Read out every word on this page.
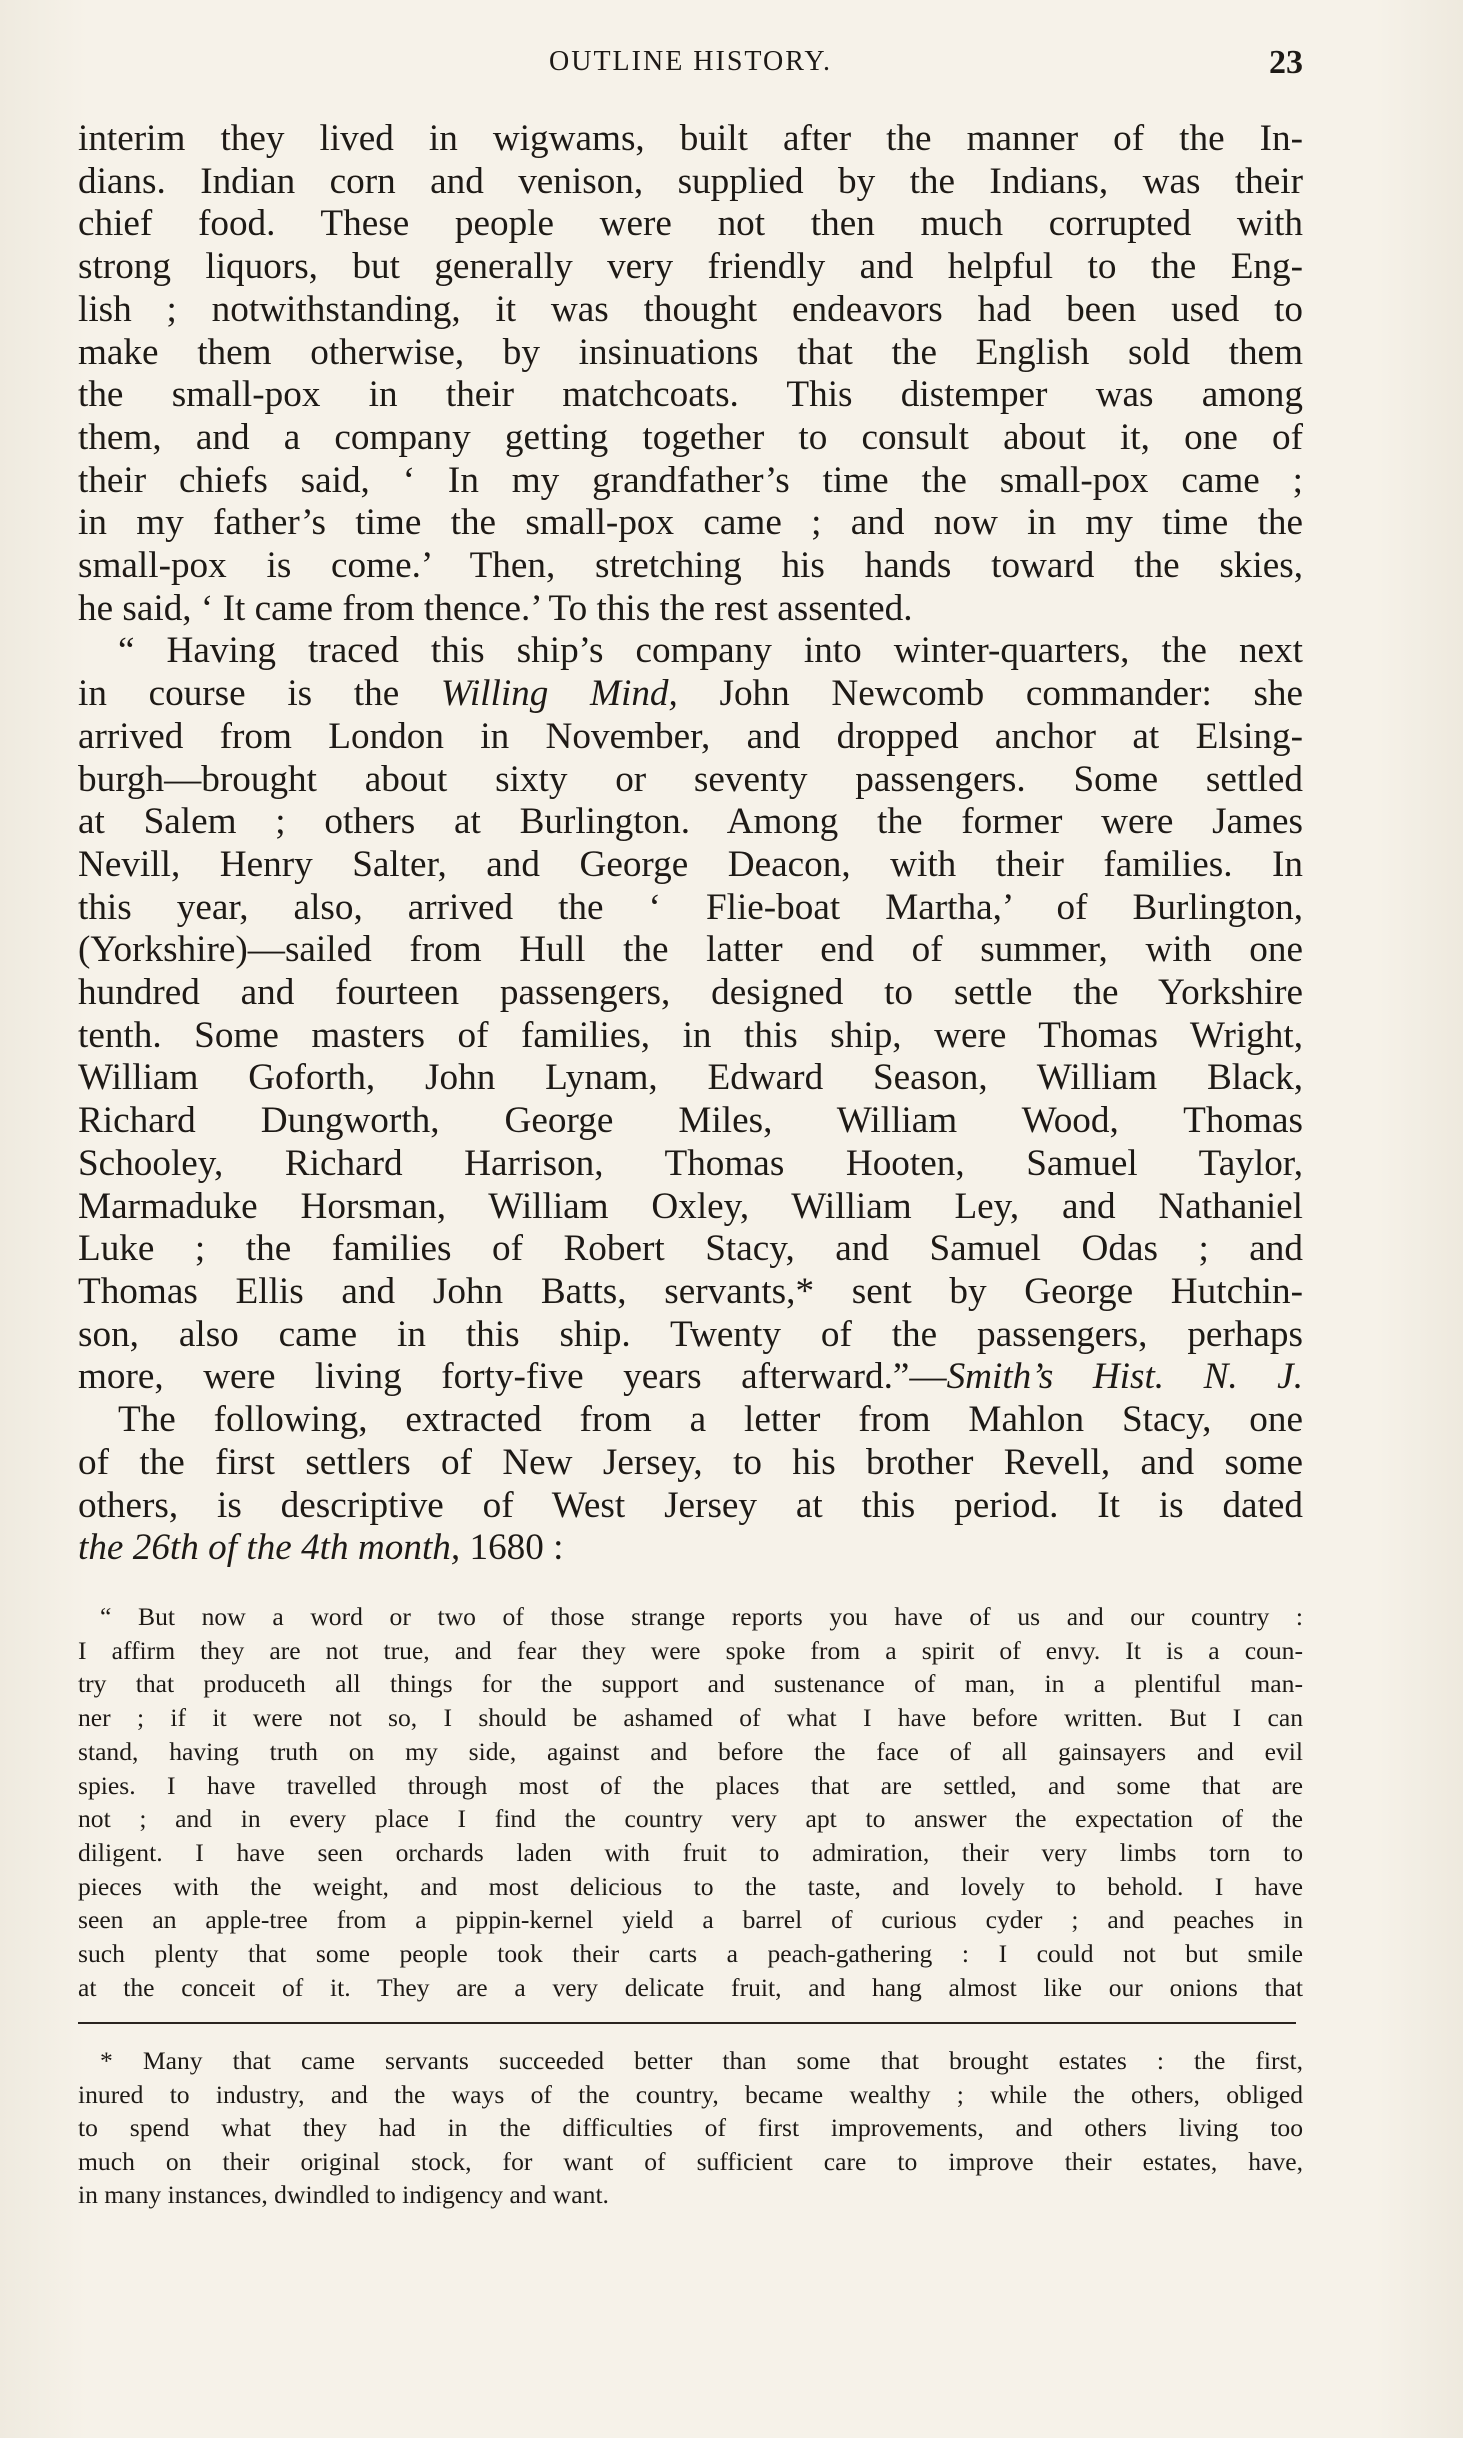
OUTLINE HISTORY.	23

interim they lived in wigwams, built after the manner of the In-

dians. Indian corn and venison, supplied by the Indians, was their

chief food. These people were not then much corrupted with

strong liquors, but generally very friendly and helpful to the Eng-

lish ; notwithstanding, it was thought endeavors had been used to

make them otherwise, by insinuations that the English sold them

the small-pox in their matchcoats. This distemper was among

them, and a company getting together to consult about it, one of

their chiefs said, ‘ In my grandfather’s time the small-pox came ;

in my father’s time the small-pox came ; and now in my time the

small-pox is come.’ Then, stretching his hands toward the skies,

he said, ‘ It came from thence.’ To this the rest assented.

“ Having traced this ship’s company into winter-quarters, the next

in course is the Willing Mind, John Newcomb commander: she

arrived from London in November, and dropped anchor at Elsing-

burgh—brought about sixty or seventy passengers. Some settled

at Salem ; others at Burlington. Among the former were James

Nevill, Henry Salter, and George Deacon, with their families. In

this year, also, arrived the ‘ Flie-boat Martha,’ of Burlington,

(Yorkshire)—sailed from Hull the latter end of summer, with one

hundred and fourteen passengers, designed to settle the Yorkshire

tenth. Some masters of families, in this ship, were Thomas Wright,

William Goforth, John Lynam, Edward Season, William Black,

Richard Dungworth, George Miles, William Wood, Thomas

Schooley, Richard Harrison, Thomas Hooten, Samuel Taylor,

Marmaduke Horsman, William Oxley, William Ley, and Nathaniel

Luke ; the families of Robert Stacy, and Samuel Odas ; and

Thomas Ellis and John Batts, servants,* sent by George Hutchin-

son, also came in this ship. Twenty of the passengers, perhaps

more, were living forty-five years afterward.”—Smith’s Hist. N. J.

The following, extracted from a letter from Mahlon Stacy, one

of the first settlers of New Jersey, to his brother Revell, and some

others, is descriptive of West Jersey at this period. It is dated

the 26th of the 4th month, 1680 :

“ But now a word or two of those strange reports you have of us and our country :

I affirm they are not true, and fear they were spoke from a spirit of envy. It is a coun-

try that produceth all things for the support and sustenance of man, in a plentiful man-

ner ; if it were not so, I should be ashamed of what I have before written. But I can

stand, having truth on my side, against and before the face of all gainsayers and evil

spies. I have travelled through most of the places that are settled, and some that are

not ; and in every place I find the country very apt to answer the expectation of the

diligent. I have seen orchards laden with fruit to admiration, their very limbs torn to

pieces with the weight, and most delicious to the taste, and lovely to behold. I have

seen an apple-tree from a pippin-kernel yield a barrel of curious cyder ; and peaches in

such plenty that some people took their carts a peach-gathering : I could not but smile

at the conceit of it. They are a very delicate fruit, and hang almost like our onions that

* Many that came servants succeeded better than some that brought estates : the first,

inured to industry, and the ways of the country, became wealthy ; while the others, obliged

to spend what they had in the difficulties of first improvements, and others living too

much on their original stock, for want of sufficient care to improve their estates, have,

in many instances, dwindled to indigency and want.
